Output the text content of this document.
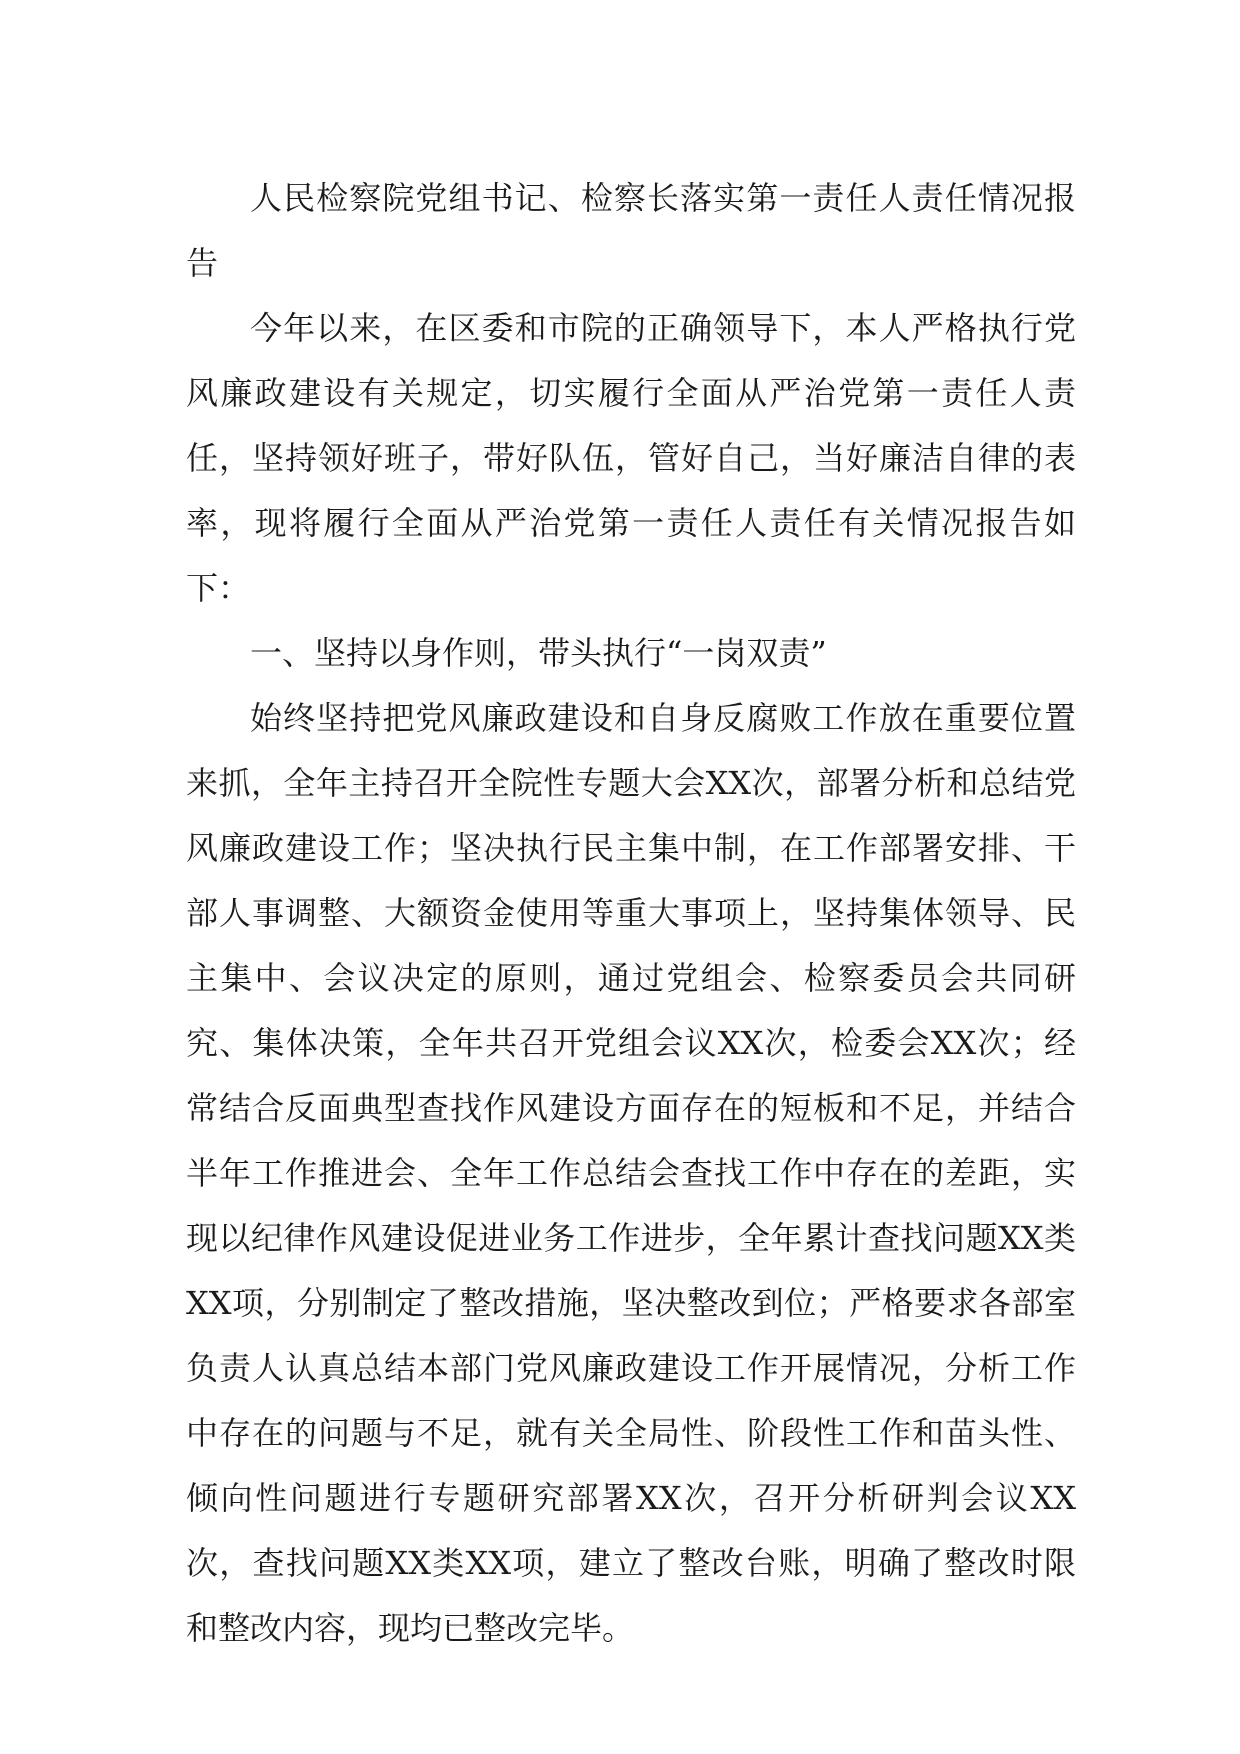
人民检察院党组书记、检察长落实第一责任人责任情况报告

今年以来，在区委和市院的正确领导下，本人严格执行党风廉政建设有关规定，切实履行全面从严治党第一责任人责任，坚持领好班子，带好队伍，管好自己，当好廉洁自律的表率，现将履行全面从严治党第一责任人责任有关情况报告如下：

一、坚持以身作则，带头执行“一岗双责”

始终坚持把党风廉政建设和自身反腐败工作放在重要位置来抓，全年主持召开全院性专题大会XX次，部署分析和总结党风廉政建设工作；坚决执行民主集中制，在工作部署安排、干部人事调整、大额资金使用等重大事项上，坚持集体领导、民主集中、会议决定的原则，通过党组会、检察委员会共同研究、集体决策，全年共召开党组会议XX次，检委会XX次；经常结合反面典型查找作风建设方面存在的短板和不足，并结合半年工作推进会、全年工作总结会查找工作中存在的差距，实现以纪律作风建设促进业务工作进步，全年累计查找问题XX类XX项，分别制定了整改措施，坚决整改到位；严格要求各部室负责人认真总结本部门党风廉政建设工作开展情况，分析工作中存在的问题与不足，就有关全局性、阶段性工作和苗头性、倾向性问题进行专题研究部署XX次，召开分析研判会议XX次，查找问题XX类XX项，建立了整改台账，明确了整改时限和整改内容，现均已整改完毕。
